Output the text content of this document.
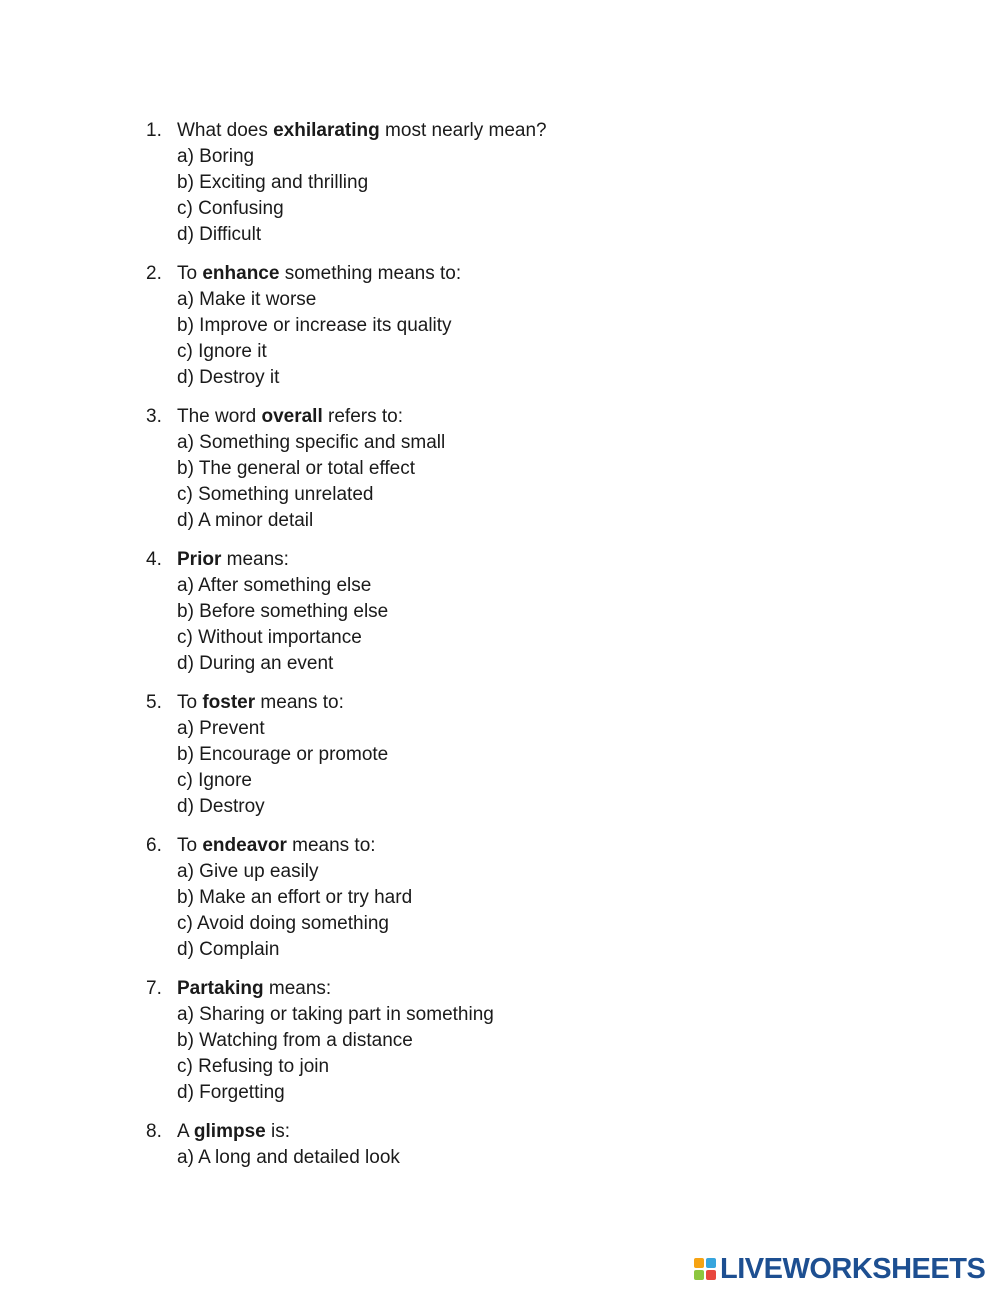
1. What does exhilarating most nearly mean?
a) Boring
b) Exciting and thrilling
c) Confusing
d) Difficult
2. To enhance something means to:
a) Make it worse
b) Improve or increase its quality
c) Ignore it
d) Destroy it
3. The word overall refers to:
a) Something specific and small
b) The general or total effect
c) Something unrelated
d) A minor detail
4. Prior means:
a) After something else
b) Before something else
c) Without importance
d) During an event
5. To foster means to:
a) Prevent
b) Encourage or promote
c) Ignore
d) Destroy
6. To endeavor means to:
a) Give up easily
b) Make an effort or try hard
c) Avoid doing something
d) Complain
7. Partaking means:
a) Sharing or taking part in something
b) Watching from a distance
c) Refusing to join
d) Forgetting
8. A glimpse is:
a) A long and detailed look
LIVEWORKSHEETS
